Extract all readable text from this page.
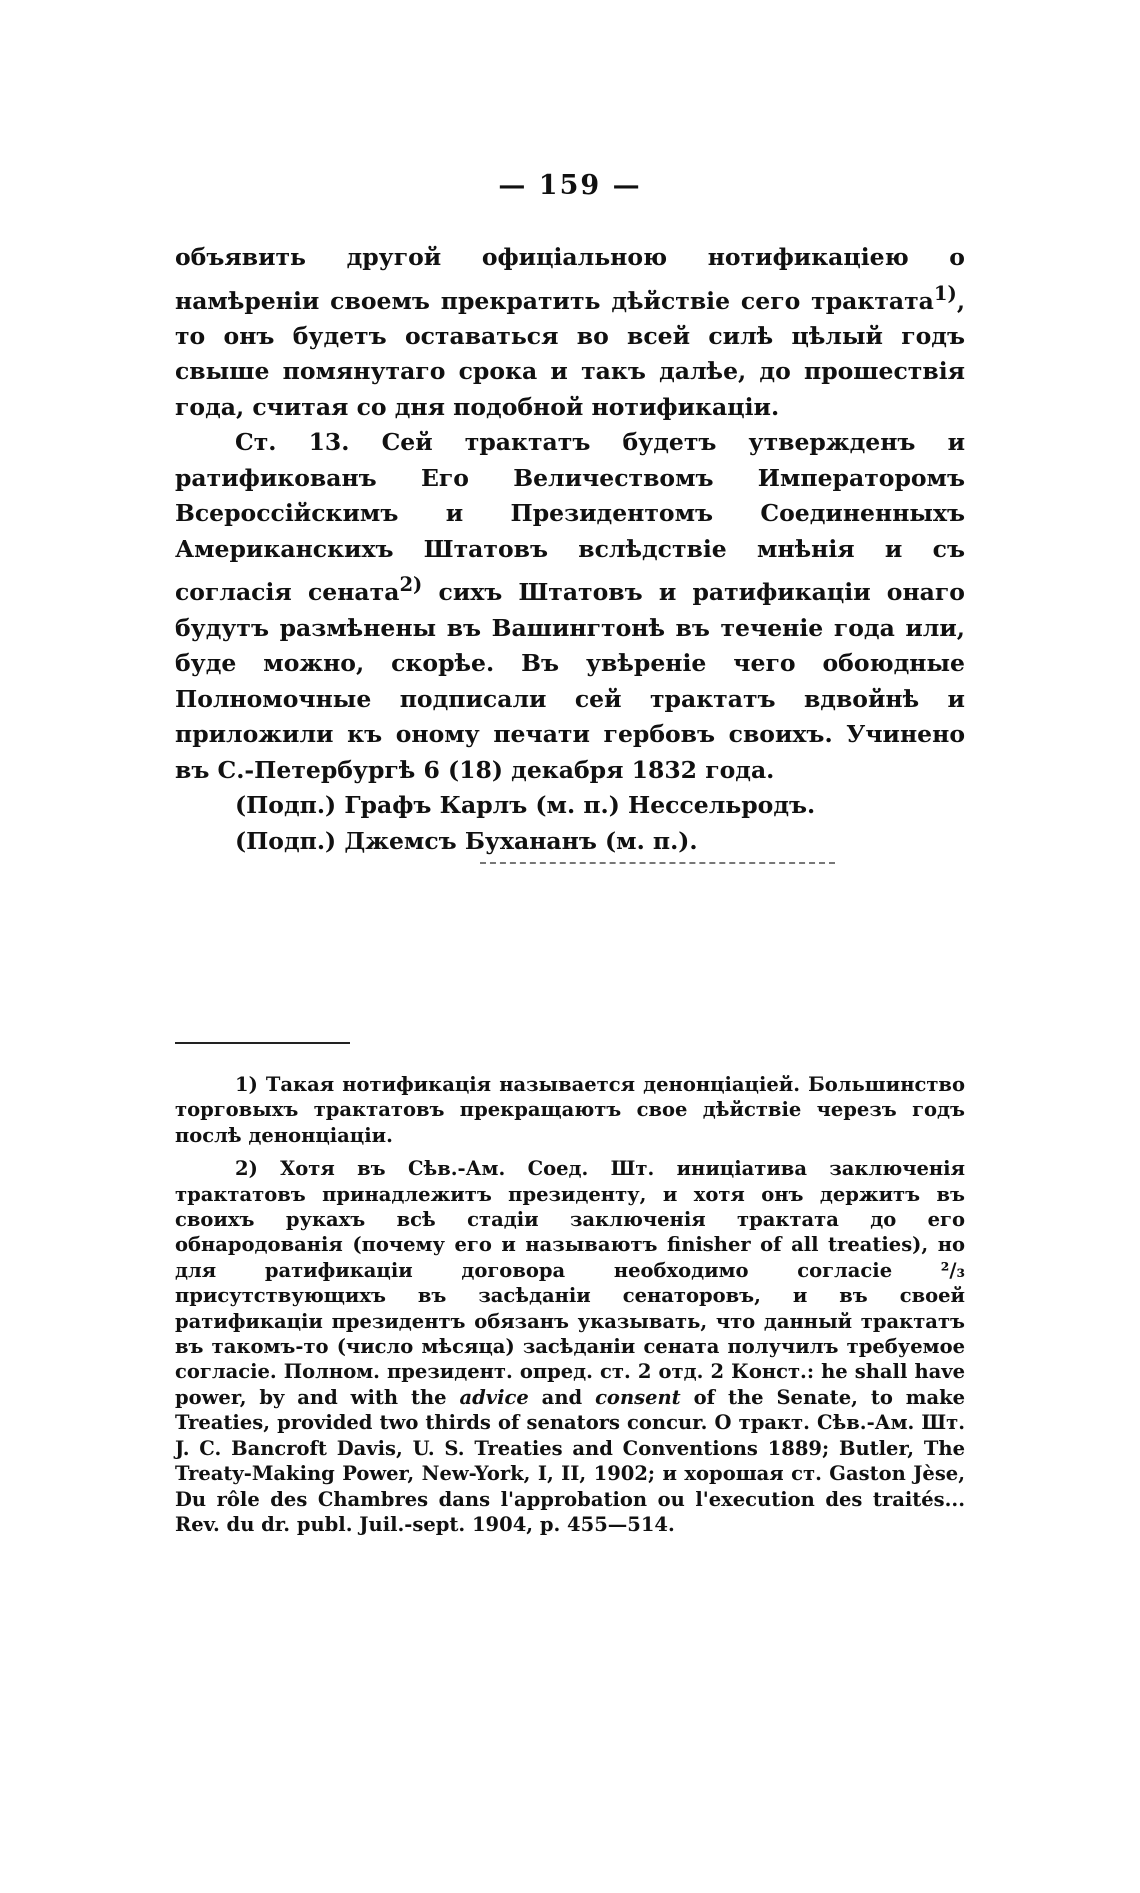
— 159 —

объявить другой офиціальною нотификаціею о намѣреніи своемъ прекратить дѣйствіе сего трактата$^{1)}$, то онъ будетъ оставаться во всей силѣ цѣлый годъ свыше помянутаго срока и такъ далѣе, до прошествія года, считая со дня подобной нотификаціи.

Ст. 13. Сей трактатъ будетъ утвержденъ и ратификованъ Его Величествомъ Императоромъ Всероссійскимъ и Президентомъ Соединенныхъ Американскихъ Штатовъ вслѣдствіе мнѣнія и съ согласія сената$^{2)}$ сихъ Штатовъ и ратификаціи онаго будутъ размѣнены въ Вашингтонѣ въ теченіе года или, буде можно, скорѣе. Въ увѣреніе чего обоюдные Полномочные подписали сей трактатъ вдвойнѣ и приложили къ оному печати гербовъ своихъ. Учинено въ С.-Петербургѣ 6 (18) декабря 1832 года.

(Подп.) Графъ Карлъ (м. п.) Нессельродъ.

(Подп.) Джемсъ Бухананъ (м. п.).

1) Такая нотификація называется денонціаціей. Большинство торговыхъ трактатовъ прекращаютъ свое дѣйствіе черезъ годъ послѣ денонціаціи.

2) Хотя въ Сѣв.-Ам. Соед. Шт. иниціатива заключенія трактатовъ принадлежитъ президенту, и хотя онъ держитъ въ своихъ рукахъ всѣ стадіи заключенія трактата до его обнародованія (почему его и называютъ finisher of all treaties), но для ратификаціи договора необходимо согласіе ²/₃ присутствующихъ въ засѣданіи сенаторовъ, и въ своей ратификаціи президентъ обязанъ указывать, что данный трактатъ въ такомъ-то (число мѣсяца) засѣданіи сената получилъ требуемое согласіе. Полном. президент. опред. ст. 2 отд. 2 Конст.: he shall have power, by and with the advice and consent of the Senate, to make Treaties, provided two thirds of senators concur. О тракт. Сѣв.-Ам. Шт. J. C. Bancroft Davis, U. S. Treaties and Conventions 1889; Butler, The Treaty-Making Power, New-York, I, II, 1902; и хорошая ст. Gaston Jèse, Du rôle des Chambres dans l'approbation ou l'execution des traités... Rev. du dr. publ. Juil.-sept. 1904, p. 455—514.
